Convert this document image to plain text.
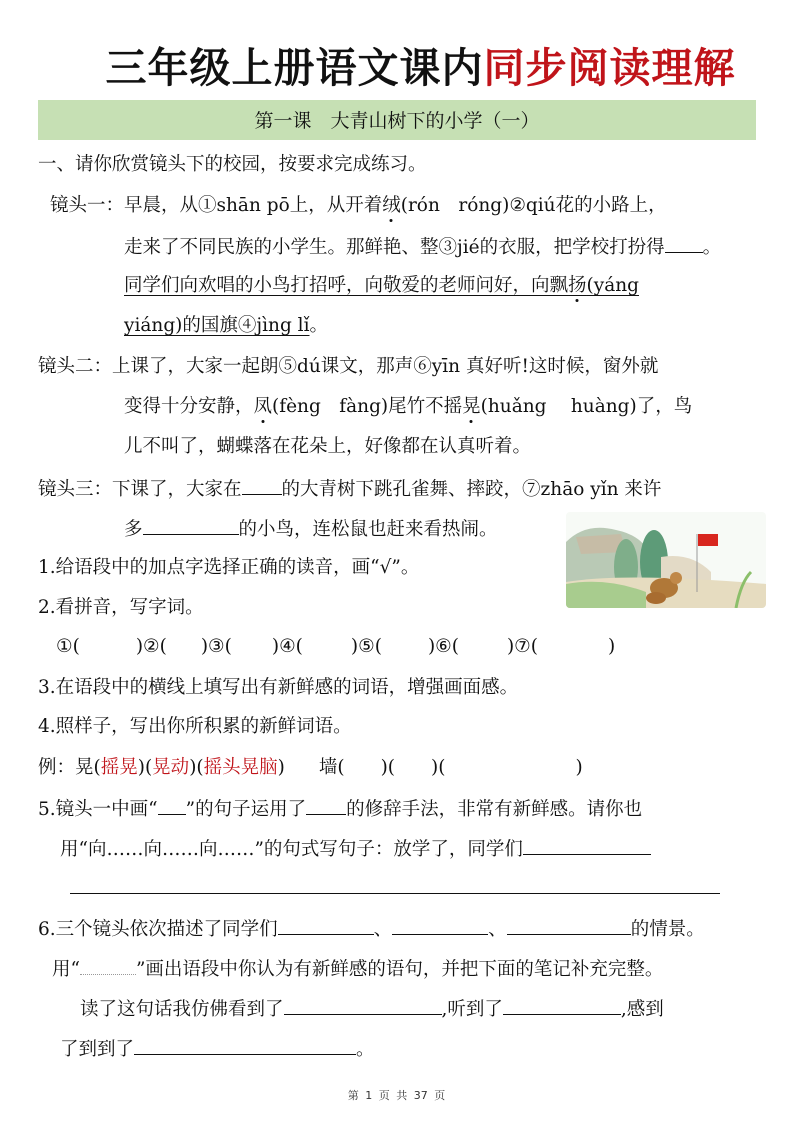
三年级上册语文课内同步阅读理解
第一课　大青山树下的小学（一）
一、请你欣赏镜头下的校园，按要求完成练习。
镜头一：早晨，从①shān pō上，从开着绒(rón　róng)②qiú花的小路上，
走来了不同民族的小学生。那鲜艳、整③jié的衣服，把学校打扮得 。
同学们向欢唱的小鸟打招呼，向敬爱的老师问好，向飘扬(yáng
yiáng)的国旗④jìng lǐ。
镜头二：上课了，大家一起朗⑤dú课文，那声⑥yīn 真好听!这时候，窗外就
变得十分安静，凤(fèng　fàng)尾竹不摇晃(huǎng　 huàng)了，鸟
儿不叫了，蝴蝶落在花朵上，好像都在认真听着。
镜头三：下课了，大家在 的大青树下跳孔雀舞、摔跤，⑦zhāo yǐn 来许
多	的小鸟，连松鼠也赶来看热闹。
1.给语段中的加点字选择正确的读音，画“√”。
2.看拼音，写字词。
①(	)②( )③( )④(	)⑤( )⑥(	)⑦(	)
3.在语段中的横线上填写出有新鲜感的词语，增强画面感。
4.照样子，写出你所积累的新鲜词语。
例：晃(摇晃)(晃动)(摇头晃脑) 墙( )( )(	)
5.镜头一中画“ ”的句子运用了 的修辞手法，非常有新鲜感。请你也
用“向……向……向……”的句式写句子：放学了，同学们
6.三个镜头依次描述了同学们	、	、	的情景。
用“	”画出语段中你认为有新鲜感的语句，并把下面的笔记补充完整。
读了这句话我仿佛看到了	,听到了	,感到
了到到了	。
第 1 页 共 37 页
